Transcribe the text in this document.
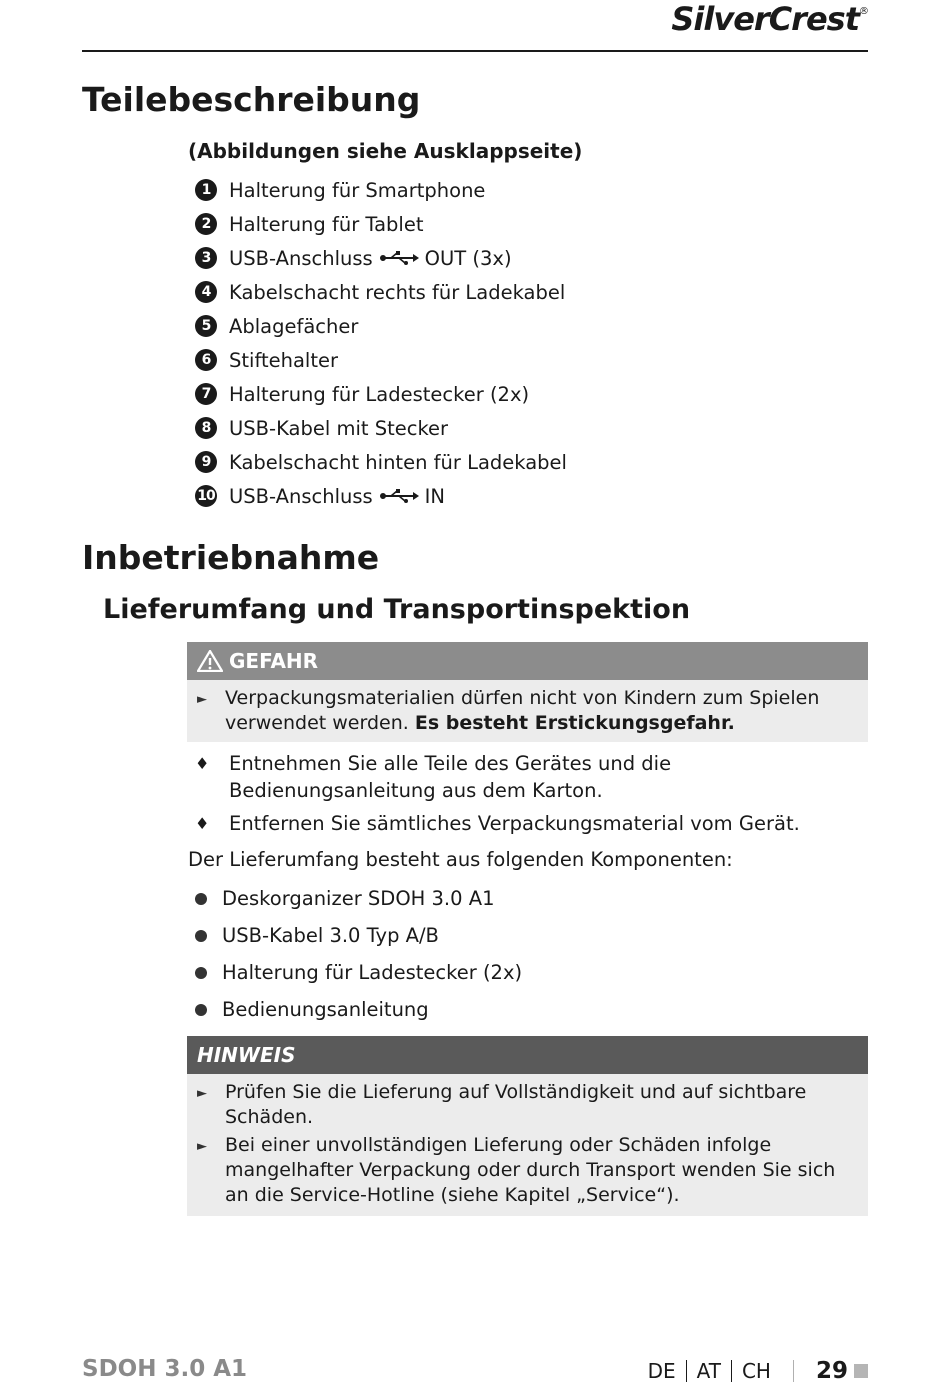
SilverCrest®
Teilebeschreibung
(Abbildungen siehe Ausklappseite)
1 Halterung für Smartphone
2 Halterung für Tablet
3 USB-Anschluss	OUT (3x)
4 Kabelschacht rechts für Ladekabel
5 Ablagefächer
6 Stiftehalter
7 Halterung für Ladestecker (2x)
8 USB-Kabel mit Stecker
9 Kabelschacht hinten für Ladekabel
10 USB-Anschluss	IN
Inbetriebnahme
Lieferumfang und Transportinspektion
GEFAHR
► Verpackungsmaterialien dürfen nicht von Kindern zum Spielen verwendet werden. Es besteht Erstickungsgefahr.
♦	Entnehmen Sie alle Teile des Gerätes und die Bedienungsanleitung aus dem Karton.
♦	Entfernen Sie sämtliches Verpackungsmaterial vom Gerät.
Der Lieferumfang besteht aus folgenden Komponenten:
Deskorganizer SDOH 3.0 A1
USB-Kabel 3.0 Typ A/B
Halterung für Ladestecker (2x)
Bedienungsanleitung
HINWEIS
► Prüfen Sie die Lieferung auf Vollständigkeit und auf sichtbare Schäden.
► Bei einer unvollständigen Lieferung oder Schäden infolge mangelhafter Verpackung oder durch Transport wenden Sie sich an die Service-Hotline (siehe Kapitel „Service“).
SDOH 3.0 A1	DE AT CH 29
